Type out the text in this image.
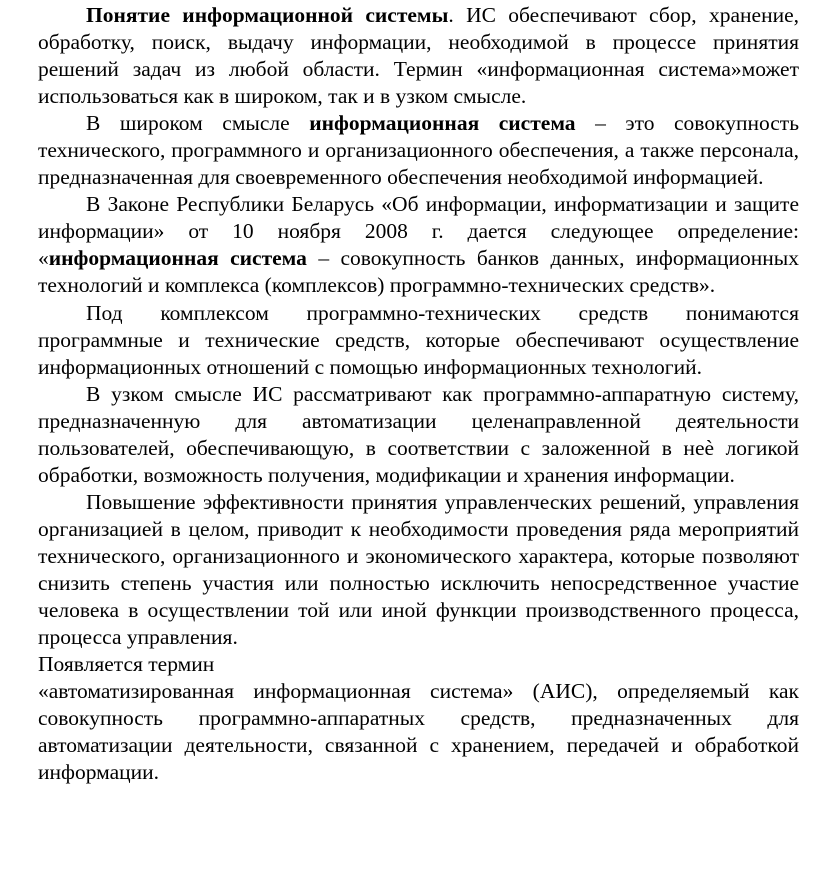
Понятие информационной системы. ИС обеспечивают сбор, хранение, обработку, поиск, выдачу информации, необходимой в процессе принятия решений задач из любой области. Термин «информационная система»может использоваться как в широком, так и в узком смысле.

В широком смысле информационная система – это совокупность технического, программного и организационного обеспечения, а также персонала, предназначенная для своевременного обеспечения необходимой информацией.

В Законе Республики Беларусь «Об информации, информатизации и защите информации» от 10 ноября 2008 г. дается следующее определение: «информационная система – совокупность банков данных, информационных технологий и комплекса (комплексов) программно-технических средств».

Под комплексом программно-технических средств понимаются программные и технические средств, которые обеспечивают осуществление информационных отношений с помощью информационных технологий.

В узком смысле ИС рассматривают как программно-аппаратную систему, предназначенную для автоматизации целенаправленной деятельности пользователей, обеспечивающую, в соответствии с заложенной в неѐ логикой обработки, возможность получения, модификации и хранения информации.

Повышение эффективности принятия управленческих решений, управления организацией в целом, приводит к необходимости проведения ряда мероприятий технического, организационного и экономического характера, которые позволяют снизить степень участия или полностью исключить непосредственное участие человека в осуществлении той или иной функции производственного процесса, процесса управления.

Появляется термин

«автоматизированная информационная система» (АИС), определяемый как совокупность программно-аппаратных средств, предназначенных для автоматизации деятельности, связанной с хранением, передачей и обработкой информации.
